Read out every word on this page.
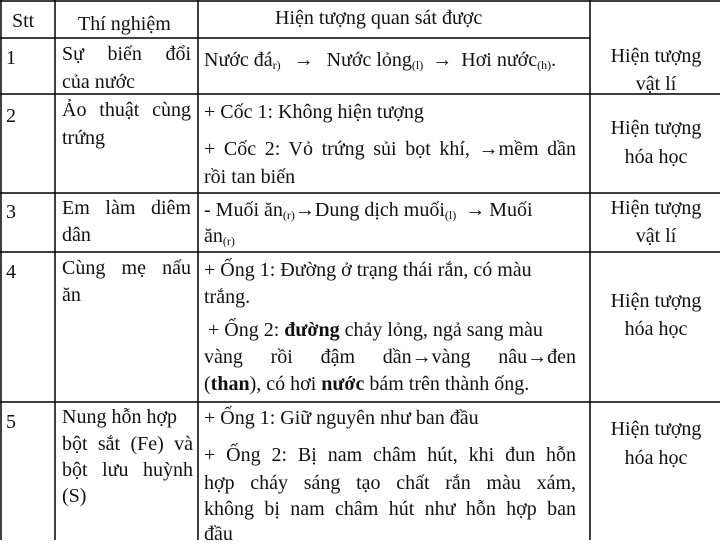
Stt Thí nghiệm	Hiện tượng quan sát được
1 Sự biến đổi
của nước
Nước $đá_{r)}$ → Nước lỏng$_{(l)}$ → Hơi nước$_{(h)}$.	Hiện tượng
vật lí
2 Ảo thuật cùng
trứng
+ Cốc 1: Không hiện tượng
+ Cốc 2: Vỏ trứng sủi bọt khí, →mềm dần
rồi tan biến
Hiện tượng
hóa học
3 Em làm diêm
dân
- Muối $ăn_{(r)}\to Dung$ dịch muối$_{(l)}$ → Muối
$ăn_{(r)}$
Hiện tượng
vật lí
4 Cùng mẹ nấu
ăn
+ Ống 1: Đường ở trạng thái rắn, có màu
trắng.
+ Ống 2: đường chảy lỏng, ngả sang màu
vàng rồi đậm dần→vàng nâu→đen
(than), có hơi nước bám trên thành ống.
Hiện tượng
hóa học
5 Nung hỗn hợp
bột sắt (Fe) và
bột lưu huỳnh
(S)
+ Ống 1: Giữ nguyên như ban đầu
+ Ống 2: Bị nam châm hút, khi đun hỗn
hợp cháy sáng tạo chất rắn màu xám,
không bị nam châm hút như hỗn hợp ban
đầu
Hiện tượng
hóa học
